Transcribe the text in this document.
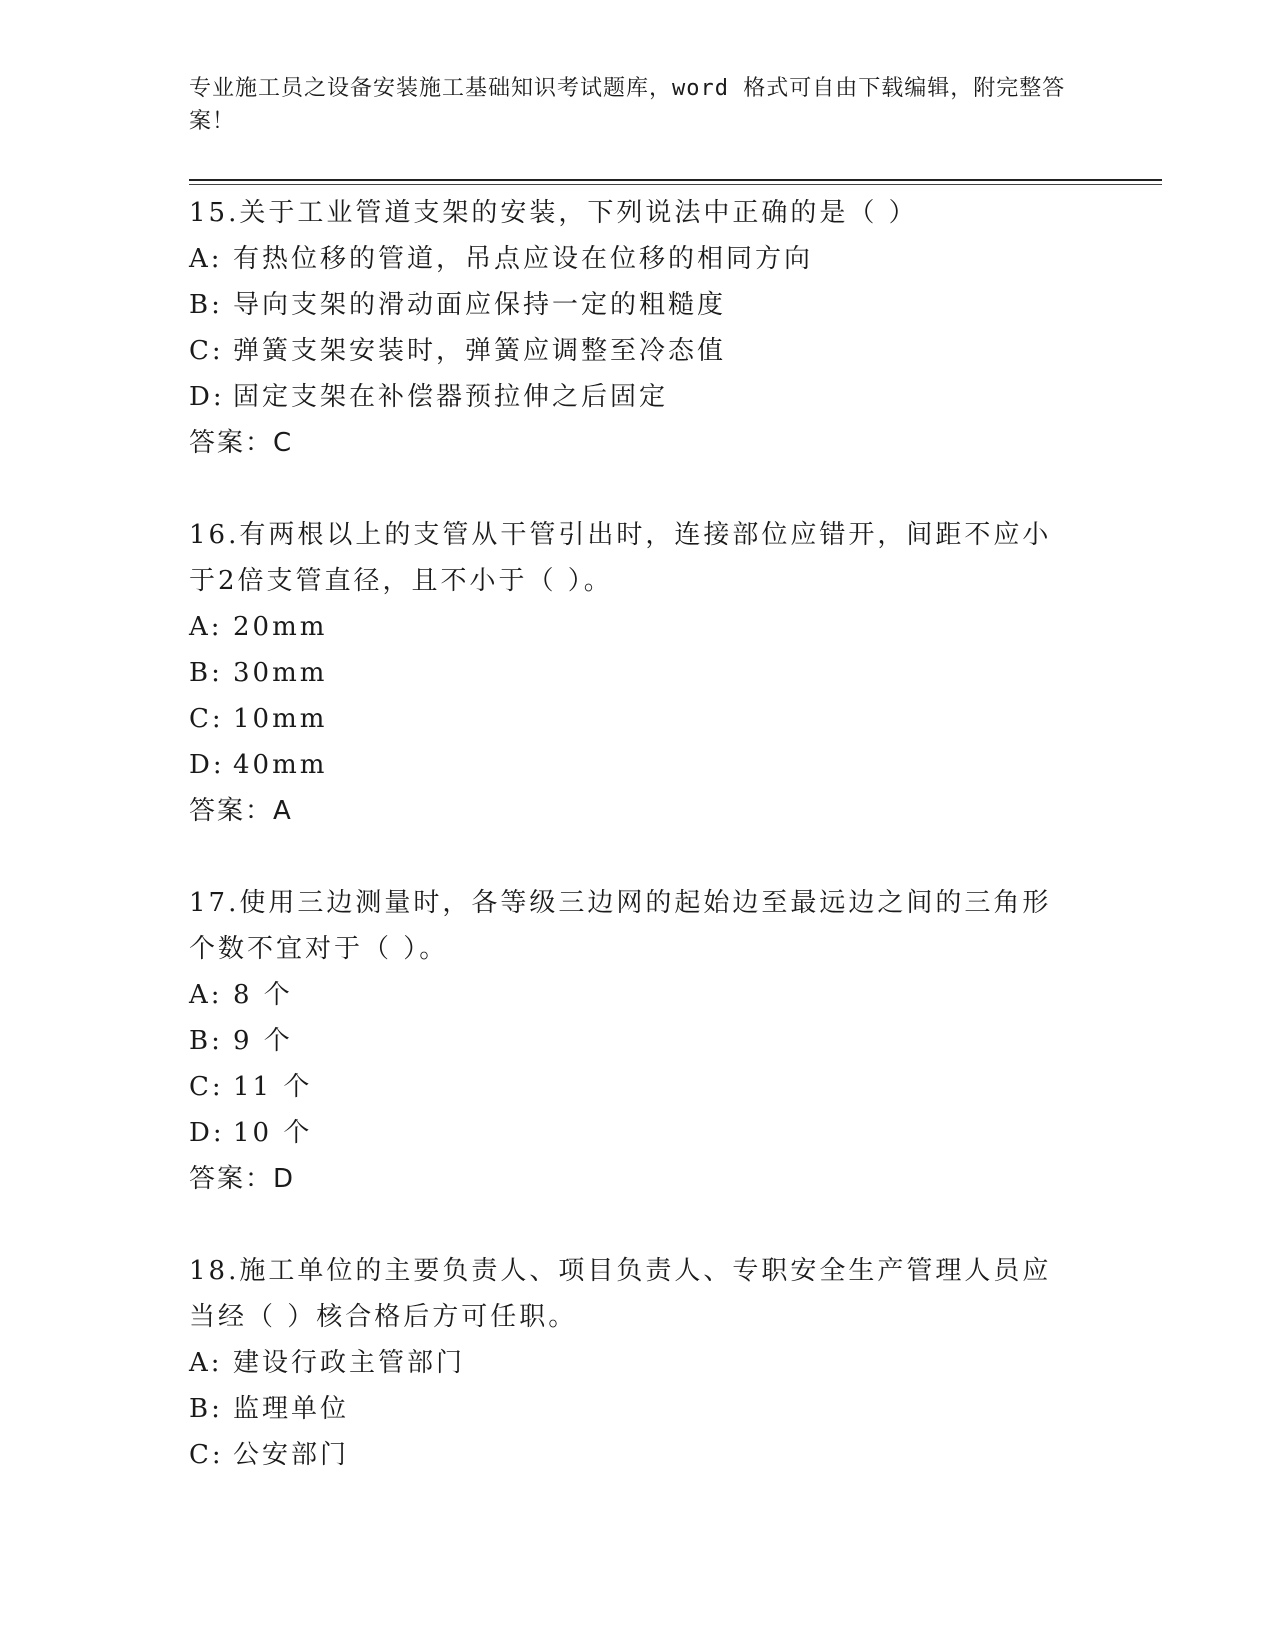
专业施工员之设备安装施工基础知识考试题库，word 格式可自由下载编辑，附完整答案！

15.关于工业管道支架的安装，下列说法中正确的是（ ）

A: 有热位移的管道，吊点应设在位移的相同方向

B: 导向支架的滑动面应保持一定的粗糙度

C: 弹簧支架安装时，弹簧应调整至冷态值

D: 固定支架在补偿器预拉伸之后固定

答案：C

16.有两根以上的支管从干管引出时，连接部位应错开，间距不应小于2倍支管直径，且不小于（ ）。

A: 20mm

B: 30mm

C: 10mm

D: 40mm

答案：A

17.使用三边测量时，各等级三边网的起始边至最远边之间的三角形个数不宜对于（ ）。

A: 8 个

B: 9 个

C: 11 个

D: 10 个

答案：D

18.施工单位的主要负责人、项目负责人、专职安全生产管理人员应当经（ ）核合格后方可任职。

A: 建设行政主管部门

B: 监理单位

C: 公安部门
